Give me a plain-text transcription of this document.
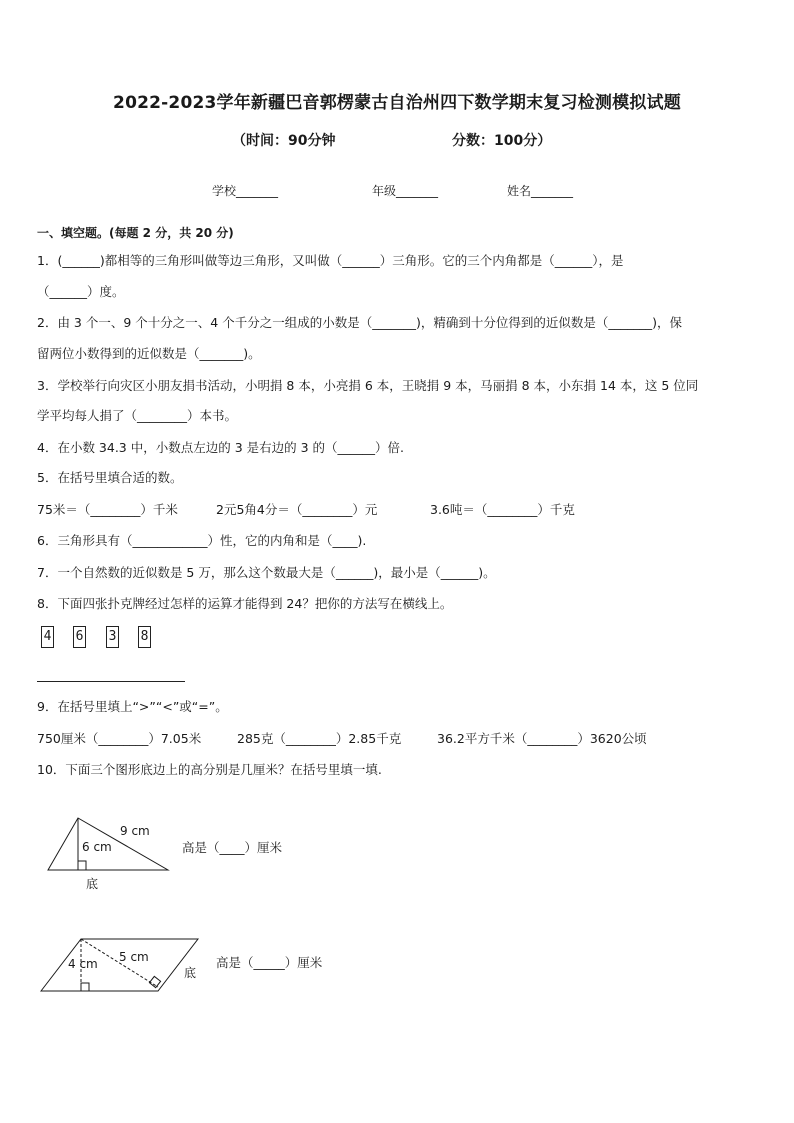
2022-2023学年新疆巴音郭楞蒙古自治州四下数学期末复习检测模拟试题
（时间：90分钟	分数：100分）
学校_______	年级_______	姓名_______
一、填空题。(每题 2 分，共 20 分)
1．(______)都相等的三角形叫做等边三角形，又叫做（______）三角形。它的三个内角都是（______），是
（______）度。
2．由 3 个一、9 个十分之一、4 个千分之一组成的小数是（_______)，精确到十分位得到的近似数是（_______)，保
留两位小数得到的近似数是（_______)。
3．学校举行向灾区小朋友捐书活动，小明捐 8 本，小亮捐 6 本，王晓捐 9 本，马丽捐 8 本，小东捐 14 本，这 5 位同
学平均每人捐了（________）本书。
4．在小数 34.3 中，小数点左边的 3 是右边的 3 的（______）倍.
5．在括号里填合适的数。
75米＝（________）千米	2元5角4分＝（________）元	3.6吨＝（________）千克
6．三角形具有（____________）性，它的内角和是（____).
7．一个自然数的近似数是 5 万，那么这个数最大是（______)，最小是（______)。
8．下面四张扑克牌经过怎样的运算才能得到 24？把你的方法写在横线上。
4 6 3 8
9．在括号里填上“>”“<”或“=”。
750厘米（________）7.05米	285克（________）2.85千克	36.2平方千米（________）3620公顷
10．下面三个图形底边上的高分别是几厘米？在括号里填一填.
9 cm
6 cm
底
高是（____）厘米
4 cm 5 cm
底
高是（_____）厘米
